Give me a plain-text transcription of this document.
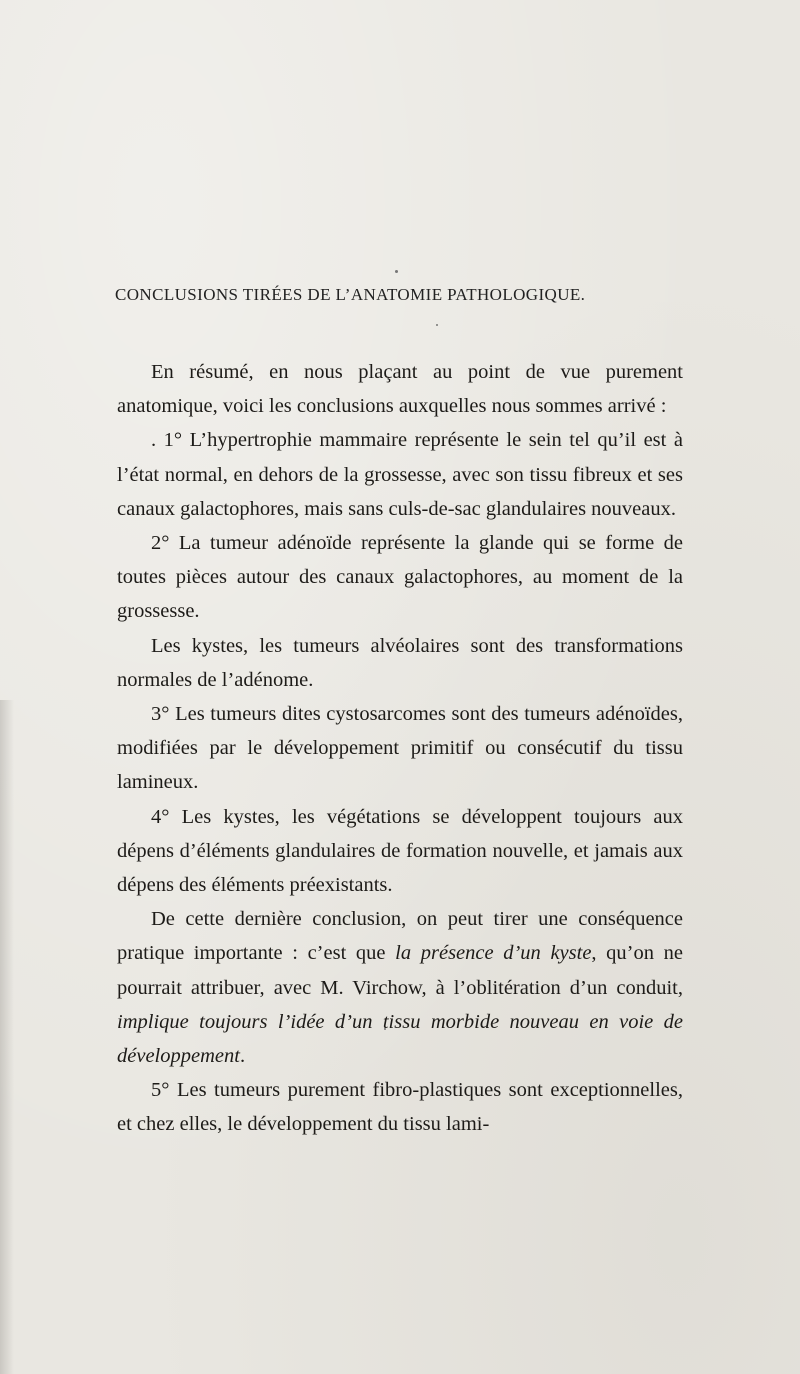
CONCLUSIONS TIRÉES DE L’ANATOMIE PATHOLOGIQUE.

En résumé, en nous plaçant au point de vue purement anatomique, voici les conclusions auxquelles nous sommes arrivé :

. 1° L’hypertrophie mammaire représente le sein tel qu’il est à l’état normal, en dehors de la grossesse, avec son tissu fibreux et ses canaux galactophores, mais sans culs-de-sac glandulaires nouveaux.

2° La tumeur adénoïde représente la glande qui se forme de toutes pièces autour des canaux galactophores, au moment de la grossesse.

Les kystes, les tumeurs alvéolaires sont des transformations normales de l’adénome.

3° Les tumeurs dites cystosarcomes sont des tumeurs adénoïdes, modifiées par le développement primitif ou consécutif du tissu lamineux.

4° Les kystes, les végétations se développent toujours aux dépens d’éléments glandulaires de formation nouvelle, et jamais aux dépens des éléments préexistants.

De cette dernière conclusion, on peut tirer une conséquence pratique importante : c’est que la présence d’un kyste, qu’on ne pourrait attribuer, avec M. Virchow, à l’oblitération d’un conduit, implique toujours l’idée d’un tissu morbide nouveau en voie de développement.

5° Les tumeurs purement fibro-plastiques sont exceptionnelles, et chez elles, le développement du tissu lami-
